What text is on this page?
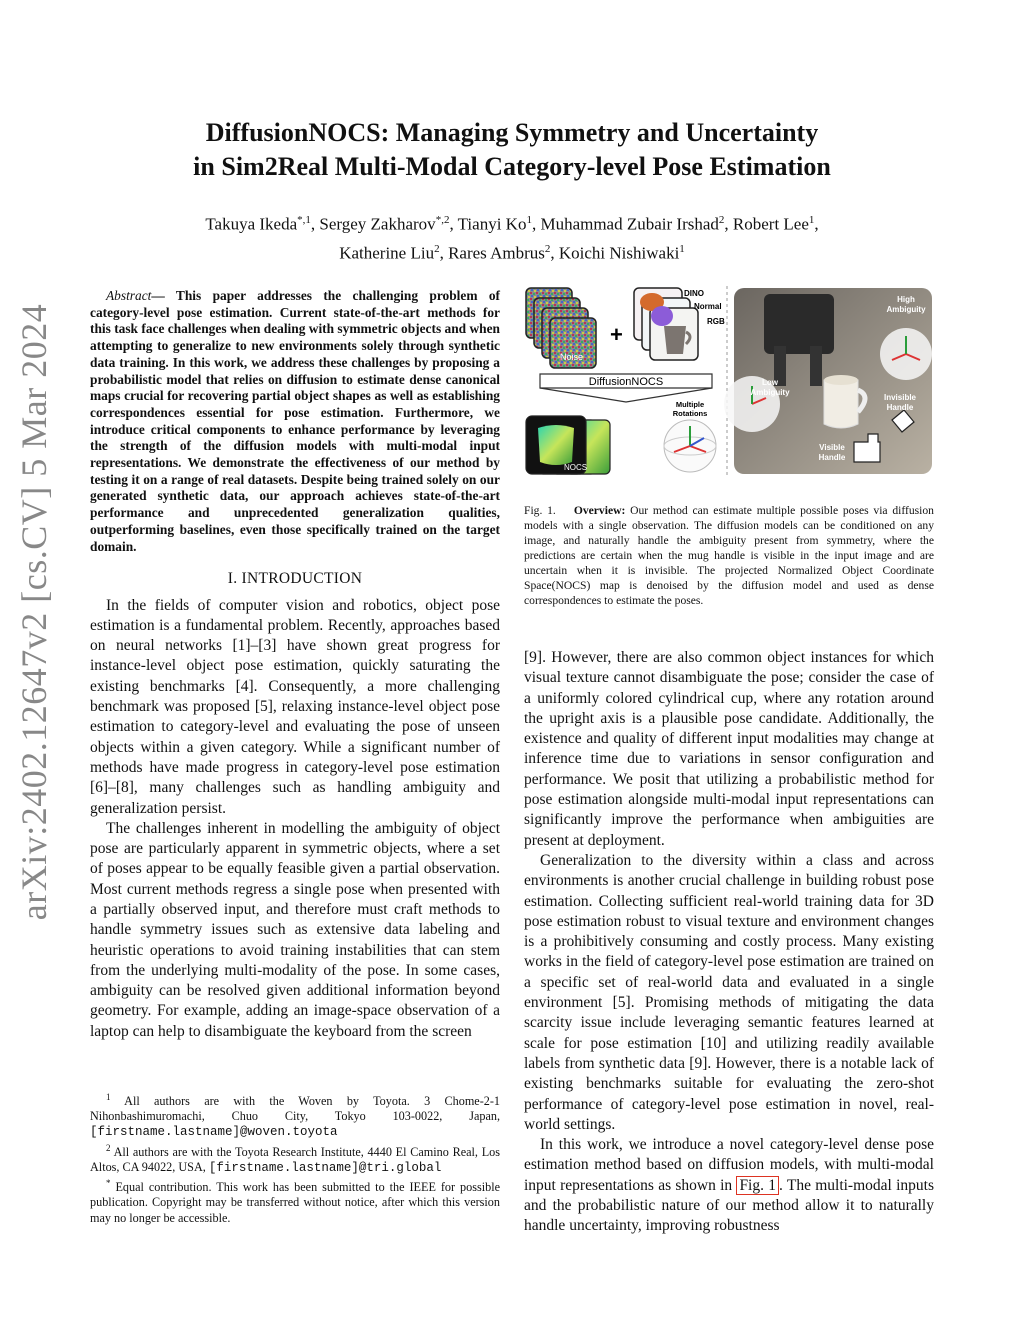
arXiv:2402.12647v2 [cs.CV] 5 Mar 2024
DiffusionNOCS: Managing Symmetry and Uncertainty
in Sim2Real Multi-Modal Category-level Pose Estimation
Takuya Ikeda$^{*,1}$, Sergey Zakharov$^{*,2}$, Tianyi Ko$^1$, Muhammad Zubair Irshad$^2$, Robert Lee$^1$,
Katherine Liu$^2$, Rares Ambrus$^2$, Koichi Nishiwaki$^1$

Abstract— This paper addresses the challenging problem of category-level pose estimation. Current state-of-the-art methods for this task face challenges when dealing with symmetric objects and when attempting to generalize to new environments solely through synthetic data training. In this work, we address these challenges by proposing a probabilistic model that relies on diffusion to estimate dense canonical maps crucial for recovering partial object shapes as well as establishing correspondences essential for pose estimation. Furthermore, we introduce critical components to enhance performance by leveraging the strength of the diffusion models with multi-modal input representations. We demonstrate the effectiveness of our method by testing it on a range of real datasets. Despite being trained solely on our generated synthetic data, our approach achieves state-of-the-art performance and unprecedented generalization qualities, outperforming baselines, even those specifically trained on the target domain.

I. INTRODUCTION

In the fields of computer vision and robotics, object pose estimation is a fundamental problem. Recently, approaches based on neural networks [1]–[3] have shown great progress for instance-level object pose estimation, quickly saturating the existing benchmarks [4]. Consequently, a more challenging benchmark was proposed [5], relaxing instance-level object pose estimation to category-level and evaluating the pose of unseen objects within a given category. While a significant number of methods have made progress in category-level pose estimation [6]–[8], many challenges such as handling ambiguity and generalization persist.

The challenges inherent in modelling the ambiguity of object pose are particularly apparent in symmetric objects, where a set of poses appear to be equally feasible given a partial observation. Most current methods regress a single pose when presented with a partially observed input, and therefore must craft methods to handle symmetry issues such as extensive data labeling and heuristic operations to avoid training instabilities that can stem from the underlying multi-modality of the pose. In some cases, ambiguity can be resolved given additional information beyond geometry. For example, adding an image-space observation of a laptop can help to disambiguate the keyboard from the screen

$^1$ All authors are with the Woven by Toyota. 3 Chome-2-1 Nihonbashimuromachi, Chuo City, Tokyo 103-0022, Japan, [firstname.lastname]@woven.toyota

$^2$ All authors are with the Toyota Research Institute, 4440 El Camino Real, Los Altos, CA 94022, USA, [firstname.lastname]@tri.global

* Equal contribution. This work has been submitted to the IEEE for possible publication. Copyright may be transferred without notice, after which this version may no longer be accessible.

Noise
+
DINO
Normal
RGB
DiffusionNOCS
NOCS
Multiple
Rotations
High
Ambiguity
Low
Ambiguity
Invisible
Handle
Visible
Handle
Fig. 1. Overview: Our method can estimate multiple possible poses via diffusion models with a single observation. The diffusion models can be conditioned on any image, and naturally handle the ambiguity present from symmetry, where the predictions are certain when the mug handle is visible in the input image and are uncertain when it is invisible. The projected Normalized Object Coordinate Space(NOCS) map is denoised by the diffusion model and used as dense correspondences to estimate the poses.

[9]. However, there are also common object instances for which visual texture cannot disambiguate the pose; consider the case of a uniformly colored cylindrical cup, where any rotation around the upright axis is a plausible pose candidate. Additionally, the existence and quality of different input modalities may change at inference time due to variations in sensor configuration and performance. We posit that utilizing a probabilistic method for pose estimation alongside multi-modal input representations can significantly improve the performance when ambiguities are present at deployment.

Generalization to the diversity within a class and across environments is another crucial challenge in building robust pose estimation. Collecting sufficient real-world training data for 3D pose estimation robust to visual texture and environment changes is a prohibitively consuming and costly process. Many existing works in the field of category-level pose estimation are trained on a specific set of real-world data and evaluated in a single environment [5]. Promising methods of mitigating the data scarcity issue include leveraging semantic features learned at scale for pose estimation [10] and utilizing readily available labels from synthetic data [9]. However, there is a notable lack of existing benchmarks suitable for evaluating the zero-shot performance of category-level pose estimation in novel, real-world settings.

In this work, we introduce a novel category-level dense pose estimation method based on diffusion models, with multi-modal input representations as shown in Fig. 1 . The multi-modal inputs and the probabilistic nature of our method allow it to naturally handle uncertainty, improving robustness
